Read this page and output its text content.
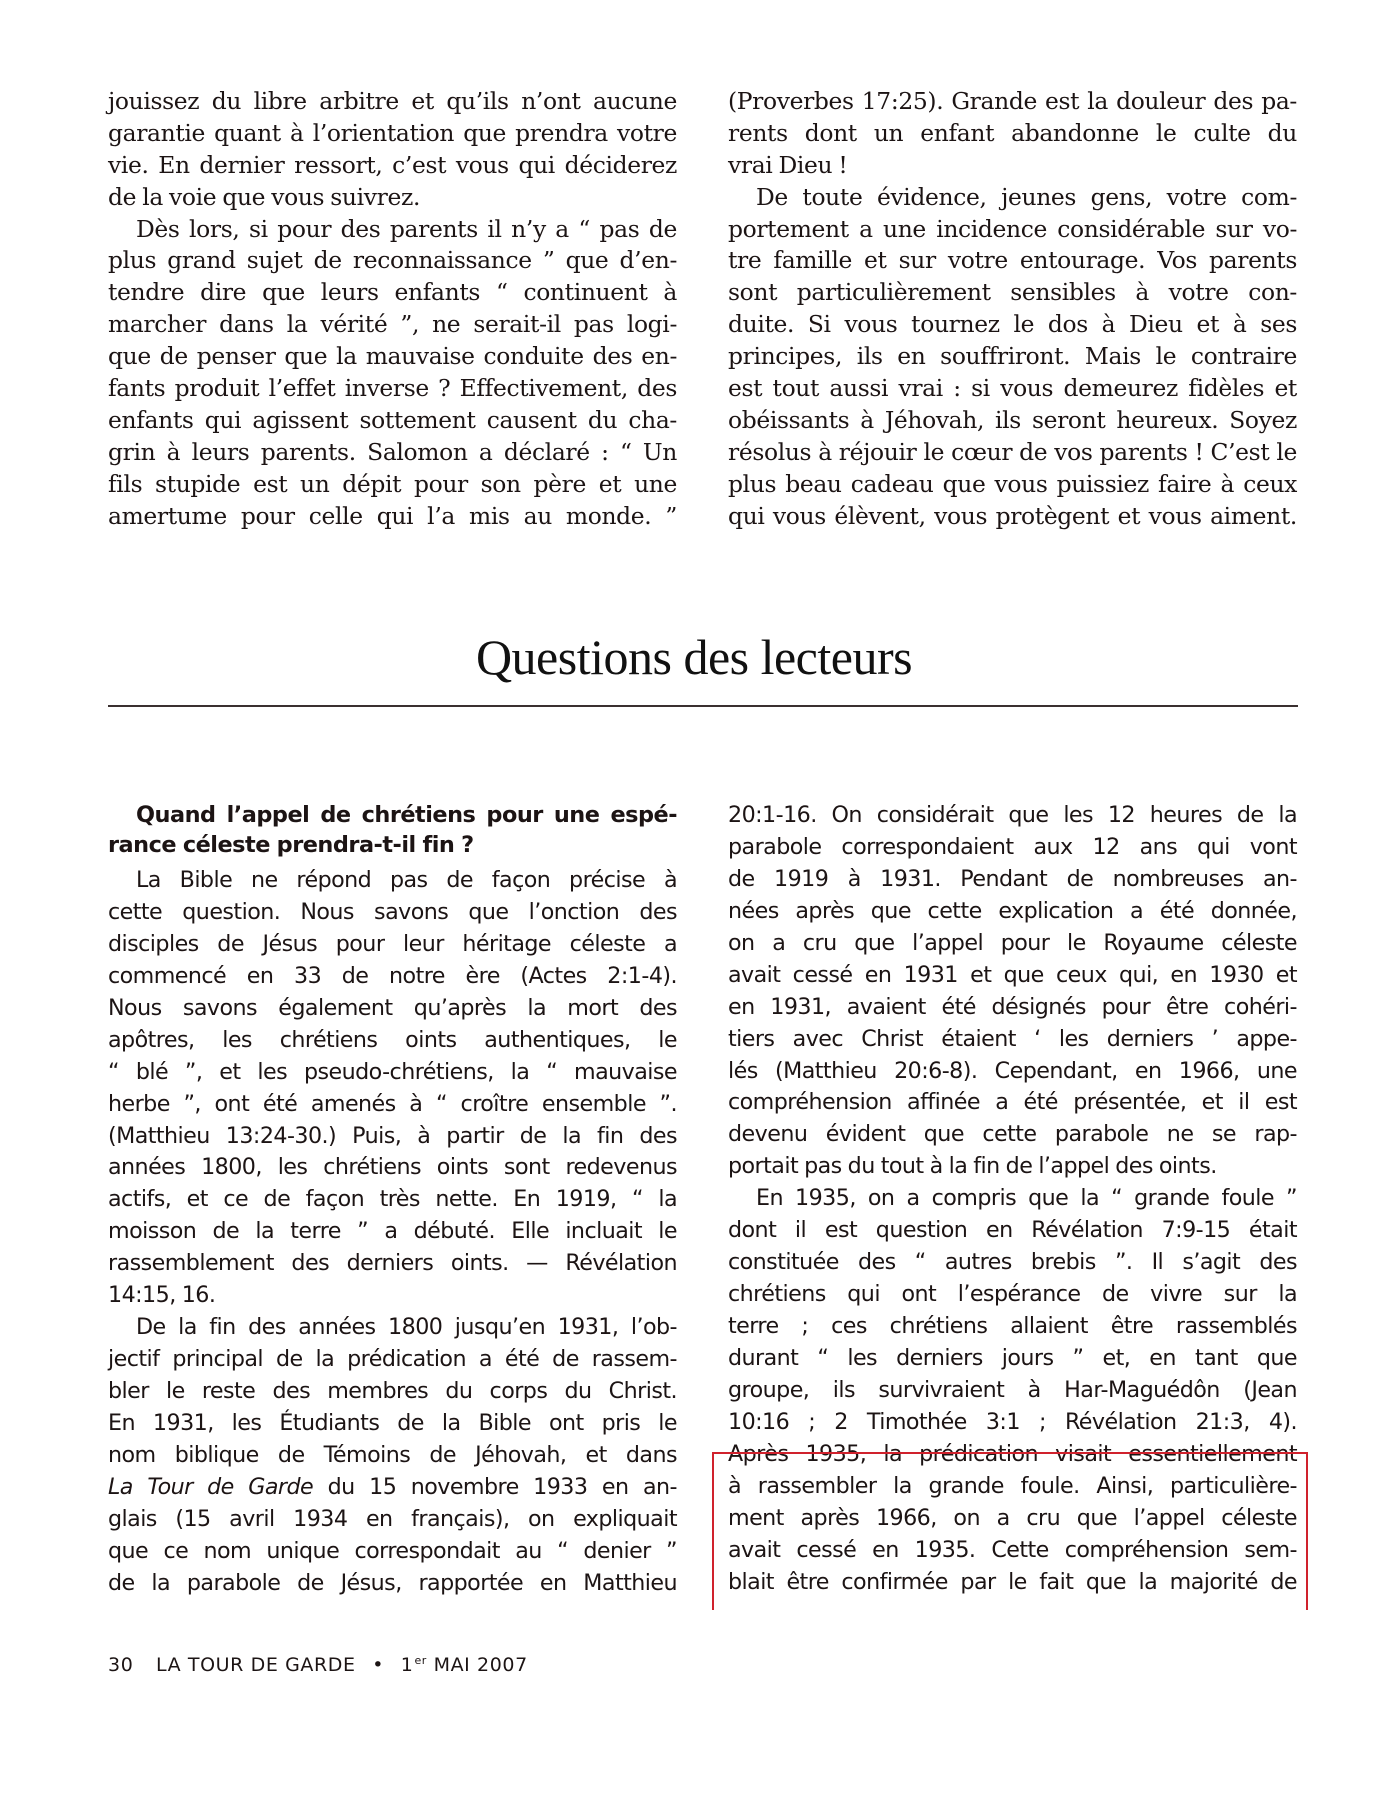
jouissez du libre arbitre et qu’ils n’ont aucune
garantie quant à l’orientation que prendra votre
vie. En dernier ressort, c’est vous qui déciderez
de la voie que vous suivrez.
Dès lors, si pour des parents il n’y a “ pas de
plus grand sujet de reconnaissance ” que d’en-
tendre dire que leurs enfants “ continuent à
marcher dans la vérité ”, ne serait-il pas logi-
que de penser que la mauvaise conduite des en-
fants produit l’effet inverse ? Effectivement, des
enfants qui agissent sottement causent du cha-
grin à leurs parents. Salomon a déclaré : “ Un
fils stupide est un dépit pour son père et une
amertume pour celle qui l’a mis au monde. ”
(Proverbes 17:25). Grande est la douleur des pa-
rents dont un enfant abandonne le culte du
vrai Dieu !
De toute évidence, jeunes gens, votre com-
portement a une incidence considérable sur vo-
tre famille et sur votre entourage. Vos parents
sont particulièrement sensibles à votre con-
duite. Si vous tournez le dos à Dieu et à ses
principes, ils en souffriront. Mais le contraire
est tout aussi vrai : si vous demeurez fidèles et
obéissants à Jéhovah, ils seront heureux. Soyez
résolus à réjouir le cœur de vos parents ! C’est le
plus beau cadeau que vous puissiez faire à ceux
qui vous élèvent, vous protègent et vous aiment.
Questions des lecteurs
Quand l’appel de chrétiens pour une espé-
rance céleste prendra-t-il fin ?
La Bible ne répond pas de façon précise à
cette question. Nous savons que l’onction des
disciples de Jésus pour leur héritage céleste a
commencé en 33 de notre ère (Actes 2:1-4).
Nous savons également qu’après la mort des
apôtres, les chrétiens oints authentiques, le
“ blé ”, et les pseudo-chrétiens, la “ mauvaise
herbe ”, ont été amenés à “ croître ensemble ”.
(Matthieu 13:24-30.) Puis, à partir de la fin des
années 1800, les chrétiens oints sont redevenus
actifs, et ce de façon très nette. En 1919, “ la
moisson de la terre ” a débuté. Elle incluait le
rassemblement des derniers oints. — Révélation
14:15, 16.
De la fin des années 1800 jusqu’en 1931, l’ob-
jectif principal de la prédication a été de rassem-
bler le reste des membres du corps du Christ.
En 1931, les Étudiants de la Bible ont pris le
nom biblique de Témoins de Jéhovah, et dans
La Tour de Garde du 15 novembre 1933 en an-
glais (15 avril 1934 en français), on expliquait
que ce nom unique correspondait au “ denier ”
de la parabole de Jésus, rapportée en Matthieu
20:1-16. On considérait que les 12 heures de la
parabole correspondaient aux 12 ans qui vont
de 1919 à 1931. Pendant de nombreuses an-
nées après que cette explication a été donnée,
on a cru que l’appel pour le Royaume céleste
avait cessé en 1931 et que ceux qui, en 1930 et
en 1931, avaient été désignés pour être cohéri-
tiers avec Christ étaient ‘ les derniers ’ appe-
lés (Matthieu 20:6-8). Cependant, en 1966, une
compréhension affinée a été présentée, et il est
devenu évident que cette parabole ne se rap-
portait pas du tout à la fin de l’appel des oints.
En 1935, on a compris que la “ grande foule ”
dont il est question en Révélation 7:9-15 était
constituée des “ autres brebis ”. Il s’agit des
chrétiens qui ont l’espérance de vivre sur la
terre ; ces chrétiens allaient être rassemblés
durant “ les derniers jours ” et, en tant que
groupe, ils survivraient à Har-Maguédôn (Jean
10:16 ; 2 Timothée 3:1 ; Révélation 21:3, 4).
Après 1935, la prédication visait essentiellement
à rassembler la grande foule. Ainsi, particulière-
ment après 1966, on a cru que l’appel céleste
avait cessé en 1935. Cette compréhension sem-
blait être confirmée par le fait que la majorité de
30 LA TOUR DE GARDE • 1er MAI 2007
